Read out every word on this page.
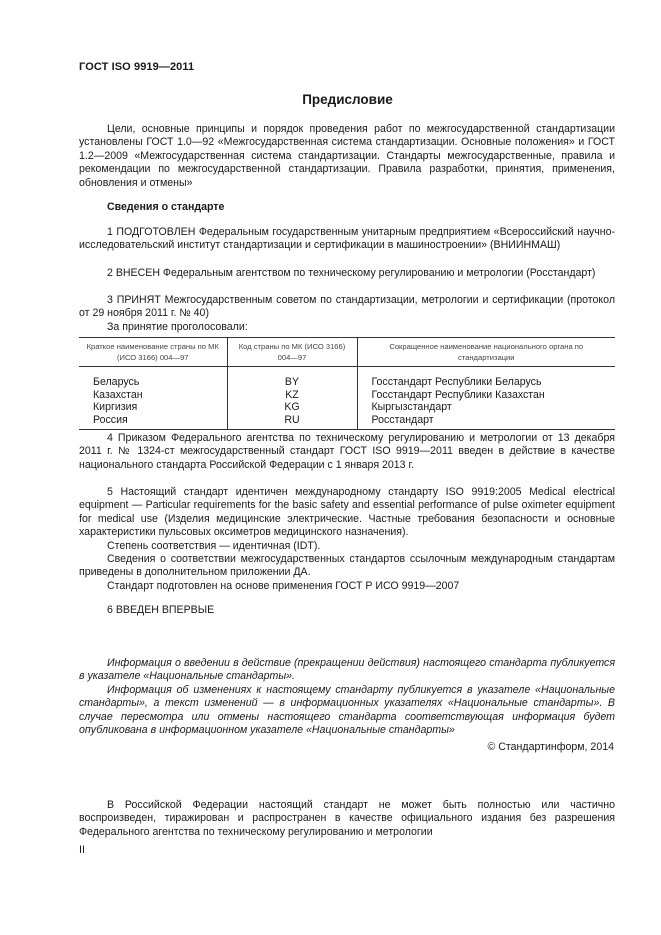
ГОСТ ISO 9919—2011
Предисловие
Цели, основные принципы и порядок проведения работ по межгосударственной стандартизации установлены ГОСТ 1.0—92 «Межгосударственная система стандартизации. Основные положения» и ГОСТ 1.2—2009 «Межгосударственная система стандартизации. Стандарты межгосударственные, правила и рекомендации по межгосударственной стандартизации. Правила разработки, принятия, применения, обновления и отмены»
Сведения о стандарте
1 ПОДГОТОВЛЕН Федеральным государственным унитарным предприятием «Всероссийский научно-исследовательский институт стандартизации и сертификации в машиностроении» (ВНИИНМАШ)
2 ВНЕСЕН Федеральным агентством по техническому регулированию и метрологии (Росстандарт)
3 ПРИНЯТ Межгосударственным советом по стандартизации, метрологии и сертификации (протокол от 29 ноября 2011 г. № 40)
За принятие проголосовали:
Краткое наименование страны по МК (ИСО 3166) 004—97	Код страны по МК (ИСО 3166) 004—97	Сокращенное наименование национального органа по стандартизации
Беларусь	BY	Госстандарт Республики Беларусь
Казахстан	KZ	Госстандарт Республики Казахстан
Киргизия	KG	Кыргызстандарт
Россия	RU	Росстандарт
4 Приказом Федерального агентства по техническому регулированию и метрологии от 13 декабря 2011 г. № 1324-ст межгосударственный стандарт ГОСТ ISO 9919—2011 введен в действие в качестве национального стандарта Российской Федерации с 1 января 2013 г.

5 Настоящий стандарт идентичен международному стандарту ISO 9919:2005 Medical electrical equipment — Particular requirements for the basic safety and essential performance of pulse oximeter equipment for medical use (Изделия медицинские электрические. Частные требования безопасности и основные характеристики пульсовых оксиметров медицинского назначения).

Степень соответствия — идентичная (IDT).

Сведения о соответствии межгосударственных стандартов ссылочным международным стандартам приведены в дополнительном приложении ДА.

Стандарт подготовлен на основе применения ГОСТ Р ИСО 9919—2007

6 ВВЕДЕН ВПЕРВЫЕ

Информация о введении в действие (прекращении действия) настоящего стандарта публикуется в указателе «Национальные стандарты».

Информация об изменениях к настоящему стандарту публикуется в указателе «Национальные стандарты», а текст изменений — в информационных указателях «Национальные стандарты». В случае пересмотра или отмены настоящего стандарта соответствующая информация будет опубликована в информационном указателе «Национальные стандарты»

© Стандартинформ, 2014
В Российской Федерации настоящий стандарт не может быть полностью или частично воспроизведен, тиражирован и распространен в качестве официального издания без разрешения Федерального агентства по техническому регулированию и метрологии
II
